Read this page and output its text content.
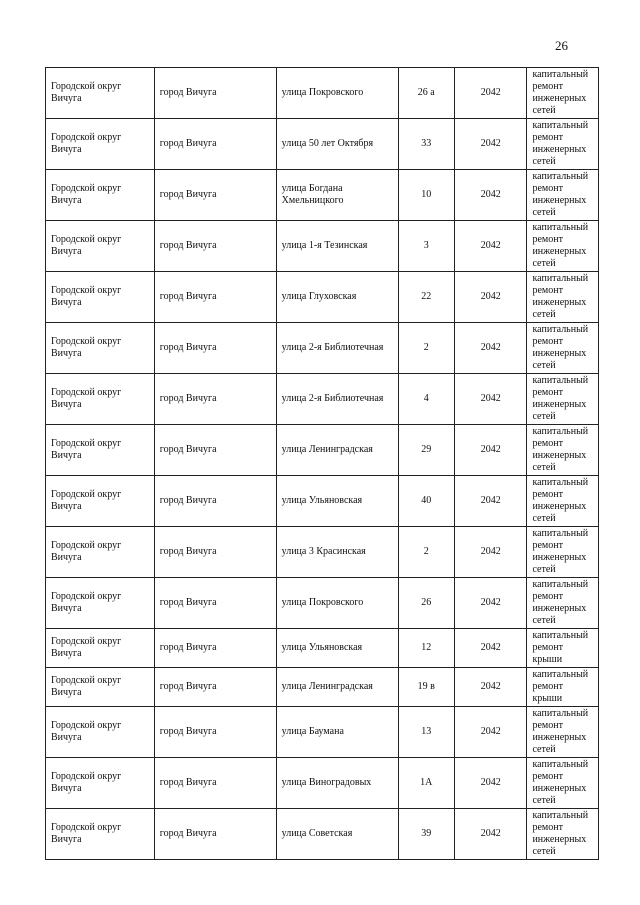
26
Городской округ Вичуга	город Вичуга	улица Покровского	26 а	2042	капитальный ремонт инженерных сетей
Городской округ Вичуга	город Вичуга	улица 50 лет Октября	33	2042	капитальный ремонт инженерных сетей
Городской округ Вичуга	город Вичуга	улица Богдана Хмельницкого	10	2042	капитальный ремонт инженерных сетей
Городской округ Вичуга	город Вичуга	улица 1-я Тезинская	3	2042	капитальный ремонт инженерных сетей
Городской округ Вичуга	город Вичуга	улица Глуховская	22	2042	капитальный ремонт инженерных сетей
Городской округ Вичуга	город Вичуга	улица 2-я Библиотечная	2	2042	капитальный ремонт инженерных сетей
Городской округ Вичуга	город Вичуга	улица 2-я Библиотечная	4	2042	капитальный ремонт инженерных сетей
Городской округ Вичуга	город Вичуга	улица Ленинградская	29	2042	капитальный ремонт инженерных сетей
Городской округ Вичуга	город Вичуга	улица Ульяновская	40	2042	капитальный ремонт инженерных сетей
Городской округ Вичуга	город Вичуга	улица 3 Красинская	2	2042	капитальный ремонт инженерных сетей
Городской округ Вичуга	город Вичуга	улица Покровского	26	2042	капитальный ремонт инженерных сетей
Городской округ Вичуга	город Вичуга	улица Ульяновская	12	2042	капитальный ремонт крыши
Городской округ Вичуга	город Вичуга	улица Ленинградская	19 в	2042	капитальный ремонт крыши
Городской округ Вичуга	город Вичуга	улица Баумана	13	2042	капитальный ремонт инженерных сетей
Городской округ Вичуга	город Вичуга	улица Виноградовых	1А	2042	капитальный ремонт инженерных сетей
Городской округ Вичуга	город Вичуга	улица Советская	39	2042	капитальный ремонт инженерных сетей
